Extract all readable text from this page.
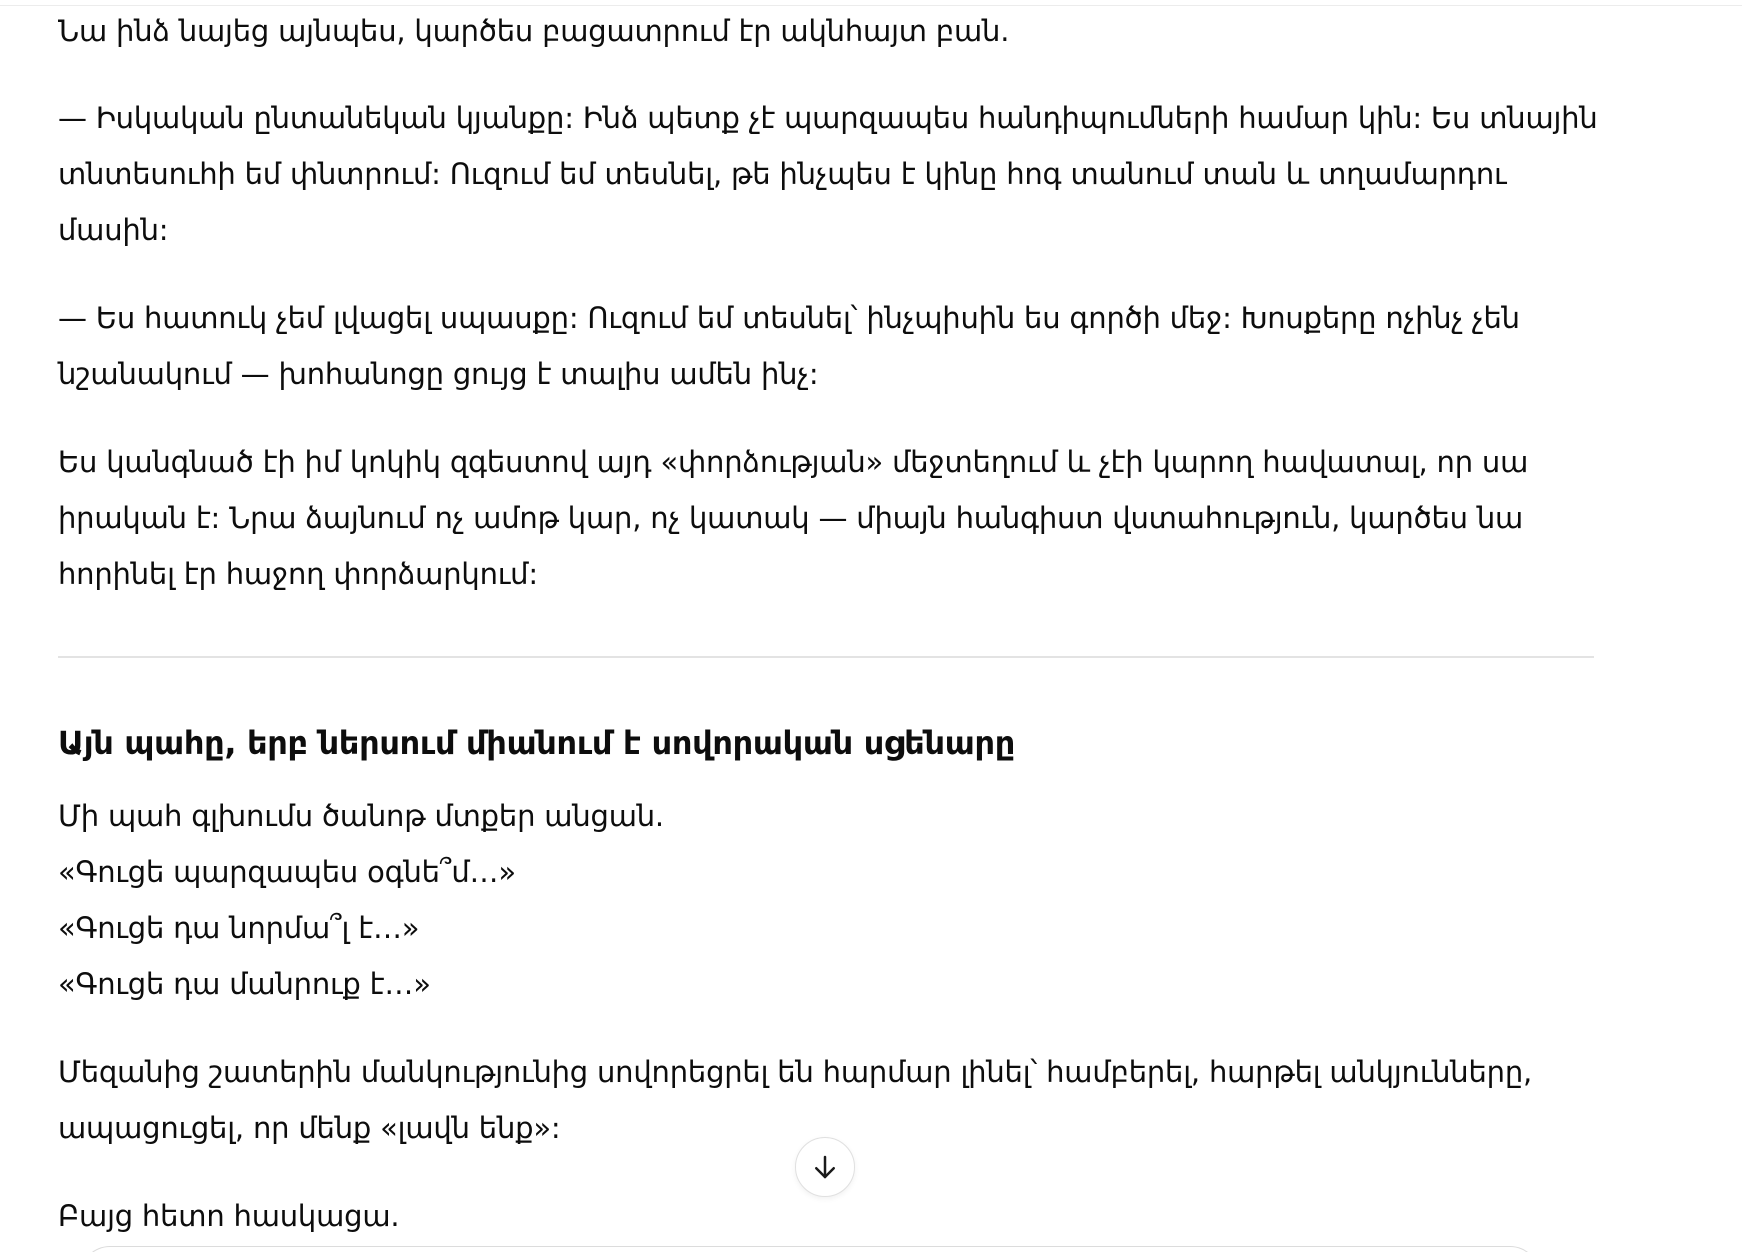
Նա ինձ նայեց այնպես, կարծես բացատրում էր ակնհայտ բան.

— Իսկական ընտանեկան կյանքը: Ինձ պետք չէ պարզապես հանդիպումների համար կին: Ես տնային
տնտեսուհի եմ փնտրում: Ուզում եմ տեսնել, թե ինչպես է կինը հոգ տանում տան և տղամարդու
մասին:

— Ես հատուկ չեմ լվացել սպասքը: Ուզում եմ տեսնել՝ ինչպիսին ես գործի մեջ: Խոսքերը ոչինչ չեն
նշանակում — խոհանոցը ցույց է տալիս ամեն ինչ:

Ես կանգնած էի իմ կոկիկ զգեստով այդ «փորձության» մեջտեղում և չէի կարող հավատալ, որ սա
իրական է: Նրա ձայնում ոչ ամոթ կար, ոչ կատակ — միայն հանգիստ վստահություն, կարծես նա
հորինել էր հաջող փորձարկում:

Մի պահ գլխումս ծանոթ մտքեր անցան.
«Գուցե պարզապես օգնե՞մ…»
«Գուցե դա նորմա՞լ է…»
«Գուցե դա մանրուք է…»

Մեզանից շատերին մանկությունից սովորեցրել են հարմար լինել՝ համբերել, հարթել անկյունները,
ապացուցել, որ մենք «լավն ենք»:

Բայց հետո հասկացա.

Այն պահը, երբ ներսում միանում է սովորական սցենարը
